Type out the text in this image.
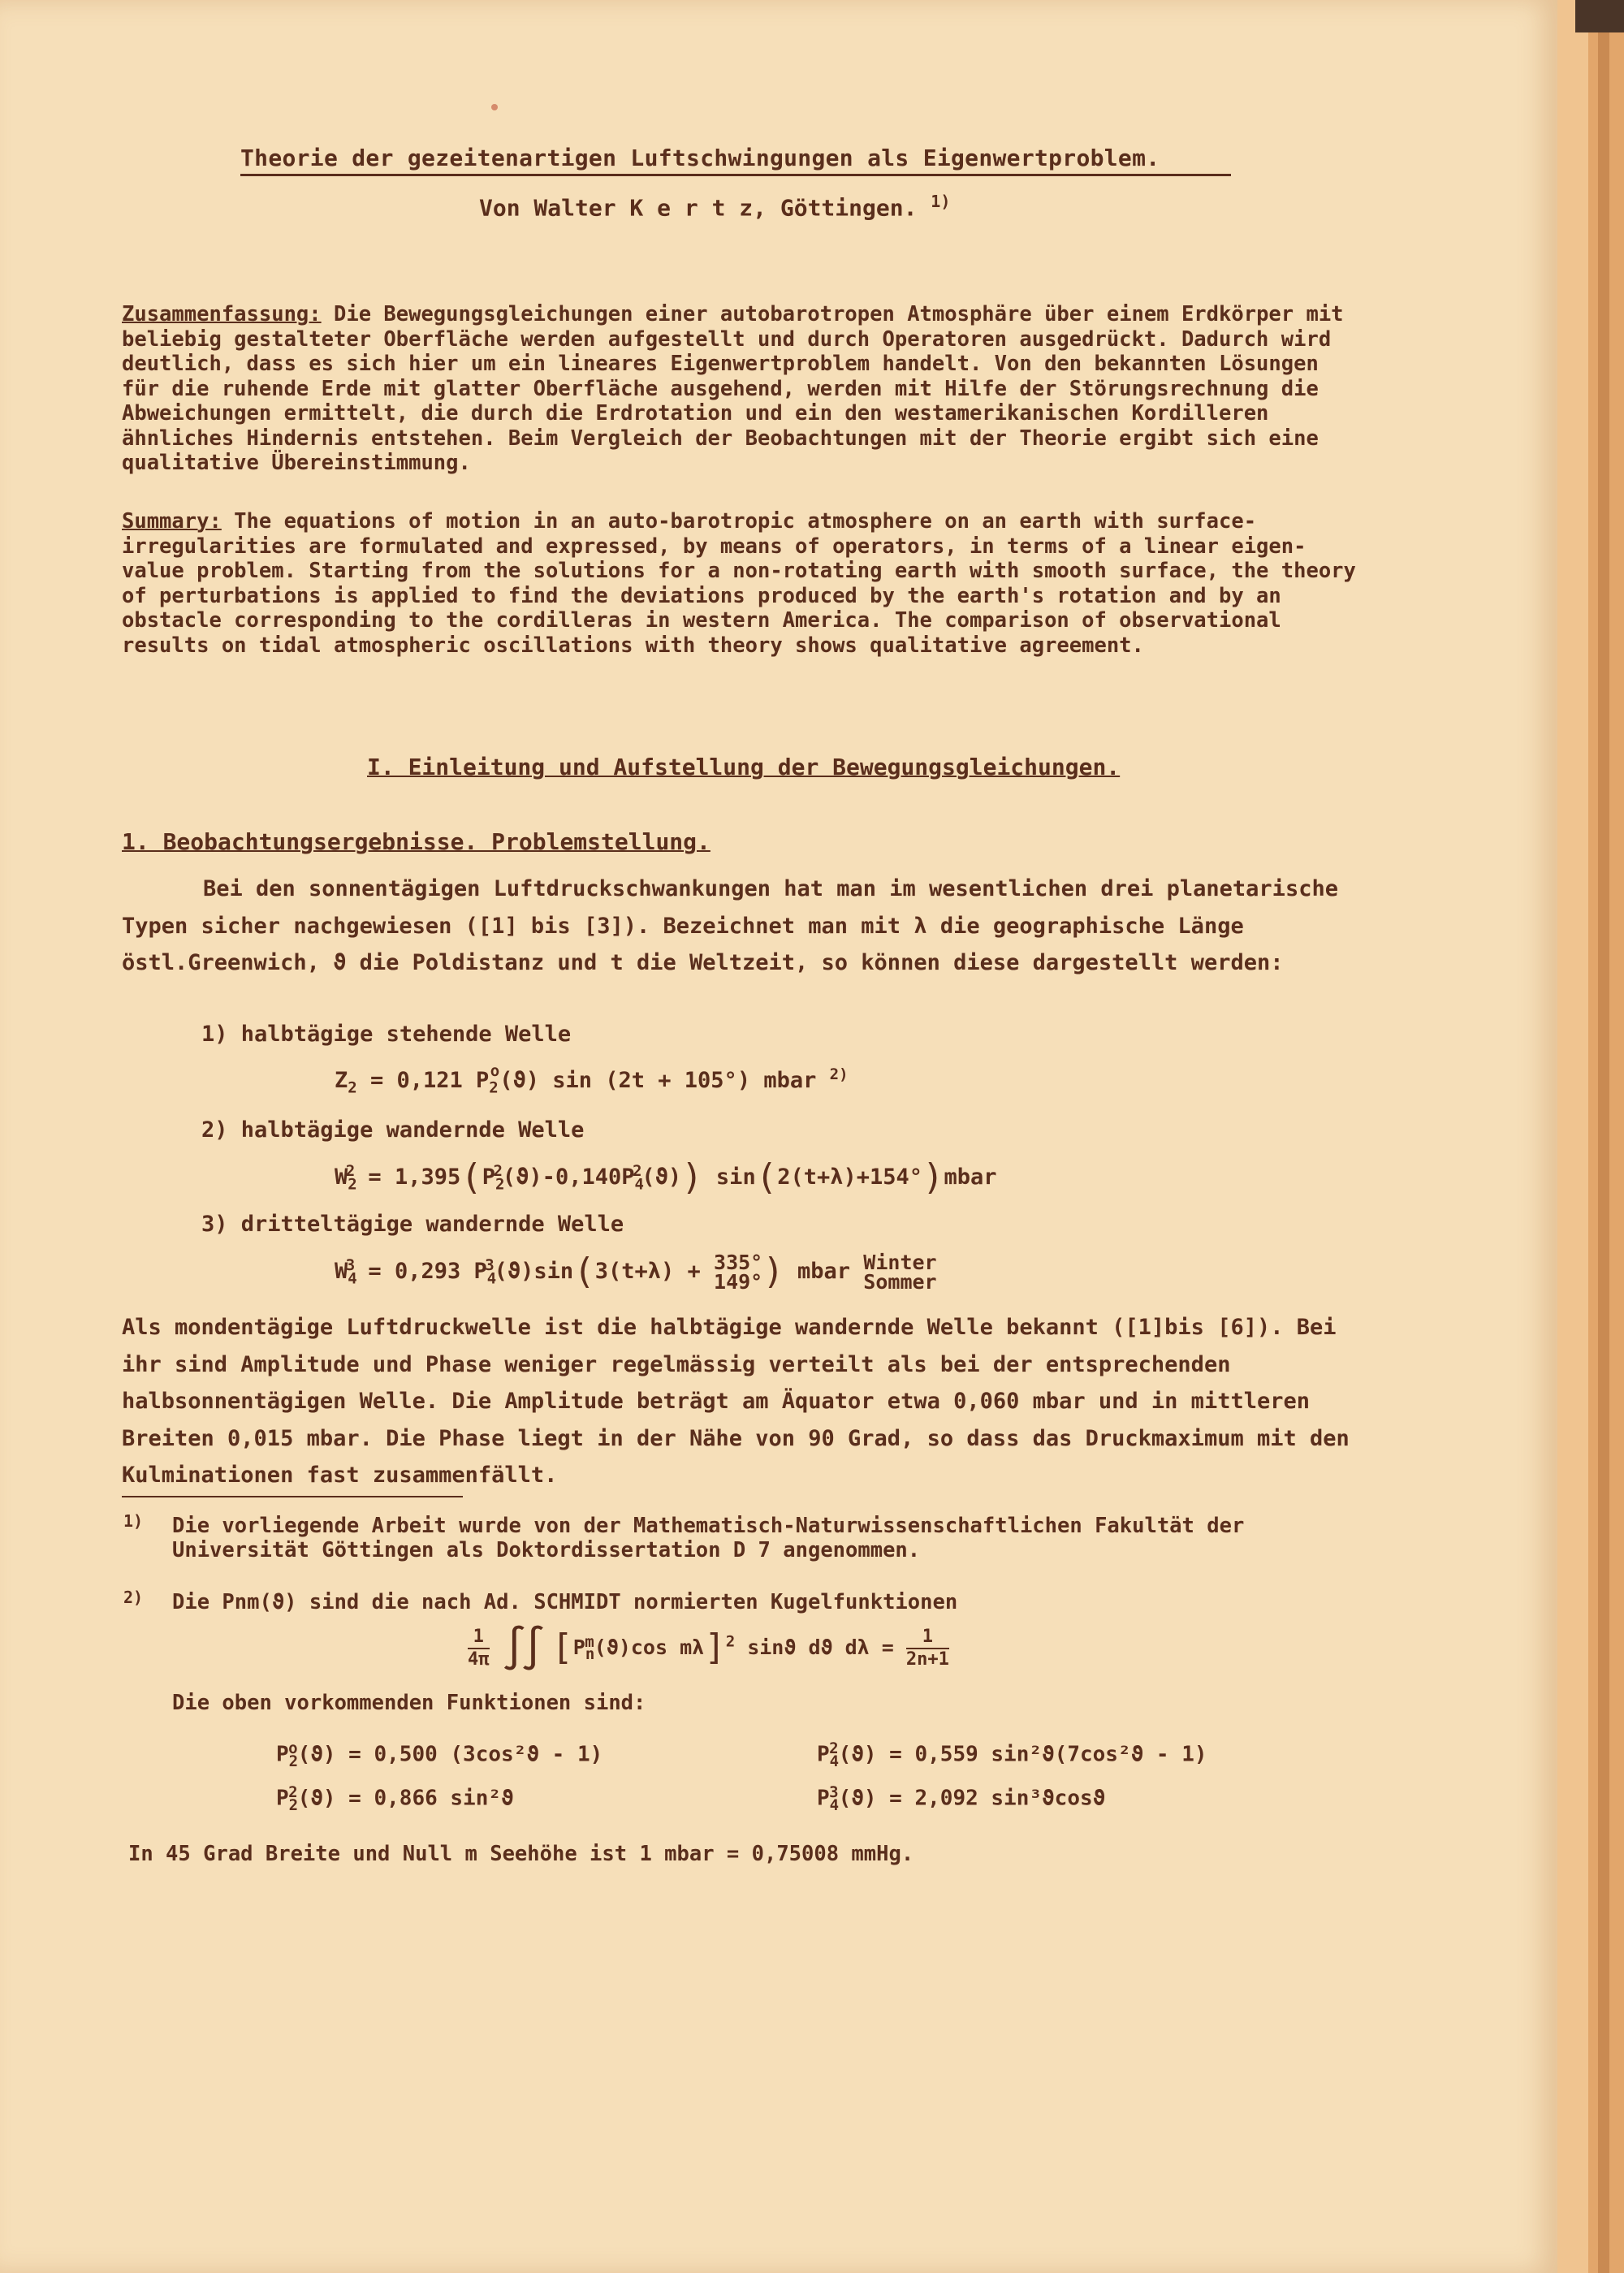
Theorie der gezeitenartigen Luftschwingungen als Eigenwertproblem.
Von Walter K e r t z, Göttingen. $^{1)}$
Zusammenfassung: Die Bewegungsgleichungen einer autobarotropen Atmosphäre über einem Erdkörper mit beliebig gestalteter Oberfläche werden aufgestellt und durch Operatoren ausgedrückt. Dadurch wird deutlich, dass es sich hier um ein lineares Eigenwertproblem handelt. Von den bekannten Lösungen für die ruhende Erde mit glatter Oberfläche ausgehend, werden mit Hilfe der Störungsrechnung die Abweichungen ermittelt, die durch die Erdrotation und ein den westamerikanischen Kordilleren ähnliches Hindernis entstehen. Beim Vergleich der Beobachtungen mit der Theorie ergibt sich eine qualitative Übereinstimmung.
Summary: The equations of motion in an auto-barotropic atmosphere on an earth with surface-irregularities are formulated and expressed, by means of operators, in terms of a linear eigen-value problem. Starting from the solutions for a non-rotating earth with smooth surface, the theory of perturbations is applied to find the deviations produced by the earth's rotation and by an obstacle corresponding to the cordilleras in western America. The comparison of observational results on tidal atmospheric oscillations with theory shows qualitative agreement.
I. Einleitung und Aufstellung der Bewegungsgleichungen.
1. Beobachtungsergebnisse. Problemstellung.
Bei den sonnentägigen Luftdruckschwankungen hat man im wesentlichen drei planetarische Typen sicher nachgewiesen ([1] bis [3]). Bezeichnet man mit λ die geographische Länge östl.Greenwich, ϑ die Poldistanz und t die Weltzeit, so können diese dargestellt werden:
1) halbtägige stehende Welle
$Z_2 = 0,121$ $P_2^o(ϑ)$ sin (2t + 105°) mbar $^{2)}$
2) halbtägige wandernde Welle
$W_2^2 = 1,395(P_2^2(ϑ)-0,140P_4^2(ϑ))$ sin(2(t+λ)+154°)mbar
3) dritteltägige wandernde Welle
$W_4^3 = 0,293$ $P_4^3(ϑ)\sin(3(t+\lambda) + 335^\circ$
149°) mbar Winter
Sommer
Als mondentägige Luftdruckwelle ist die halbtägige wandernde Welle bekannt ([1]bis [6]). Bei ihr sind Amplitude und Phase weniger regelmässig verteilt als bei der entsprechenden halbsonnentägigen Welle. Die Amplitude beträgt am Äquator etwa 0,060 mbar und in mittleren Breiten 0,015 mbar. Die Phase liegt in der Nähe von 90 Grad, so dass das Druckmaximum mit den Kulminationen fast zusammenfällt.
1) Die vorliegende Arbeit wurde von der Mathematisch-Naturwissenschaftlichen Fakultät der Universität Göttingen als Doktordissertation D 7 angenommen.
2) Die Pnm(ϑ) sind die nach Ad. SCHMIDT normierten Kugelfunktionen
$\frac{1}{4\pi}$ ∫∫ [$P_n^m(ϑ)\cos$ mλ]$^2$ sinϑ dϑ $d\lambda = \frac{1}{2n+1}$
Die oben vorkommenden Funktionen sind:
$P_2^o(ϑ) = 0,500$ (3cos²ϑ - 1)
$P_2^2(ϑ) = 0,866$ sin²ϑ
$P_4^2(ϑ) = 0,559$ sin²ϑ(7cos²ϑ - 1)
$P_4^3(ϑ) = 2,092$ sin³ϑcosϑ
In 45 Grad Breite und Null m Seehöhe ist 1 mbar = 0,75008 mmHg.
